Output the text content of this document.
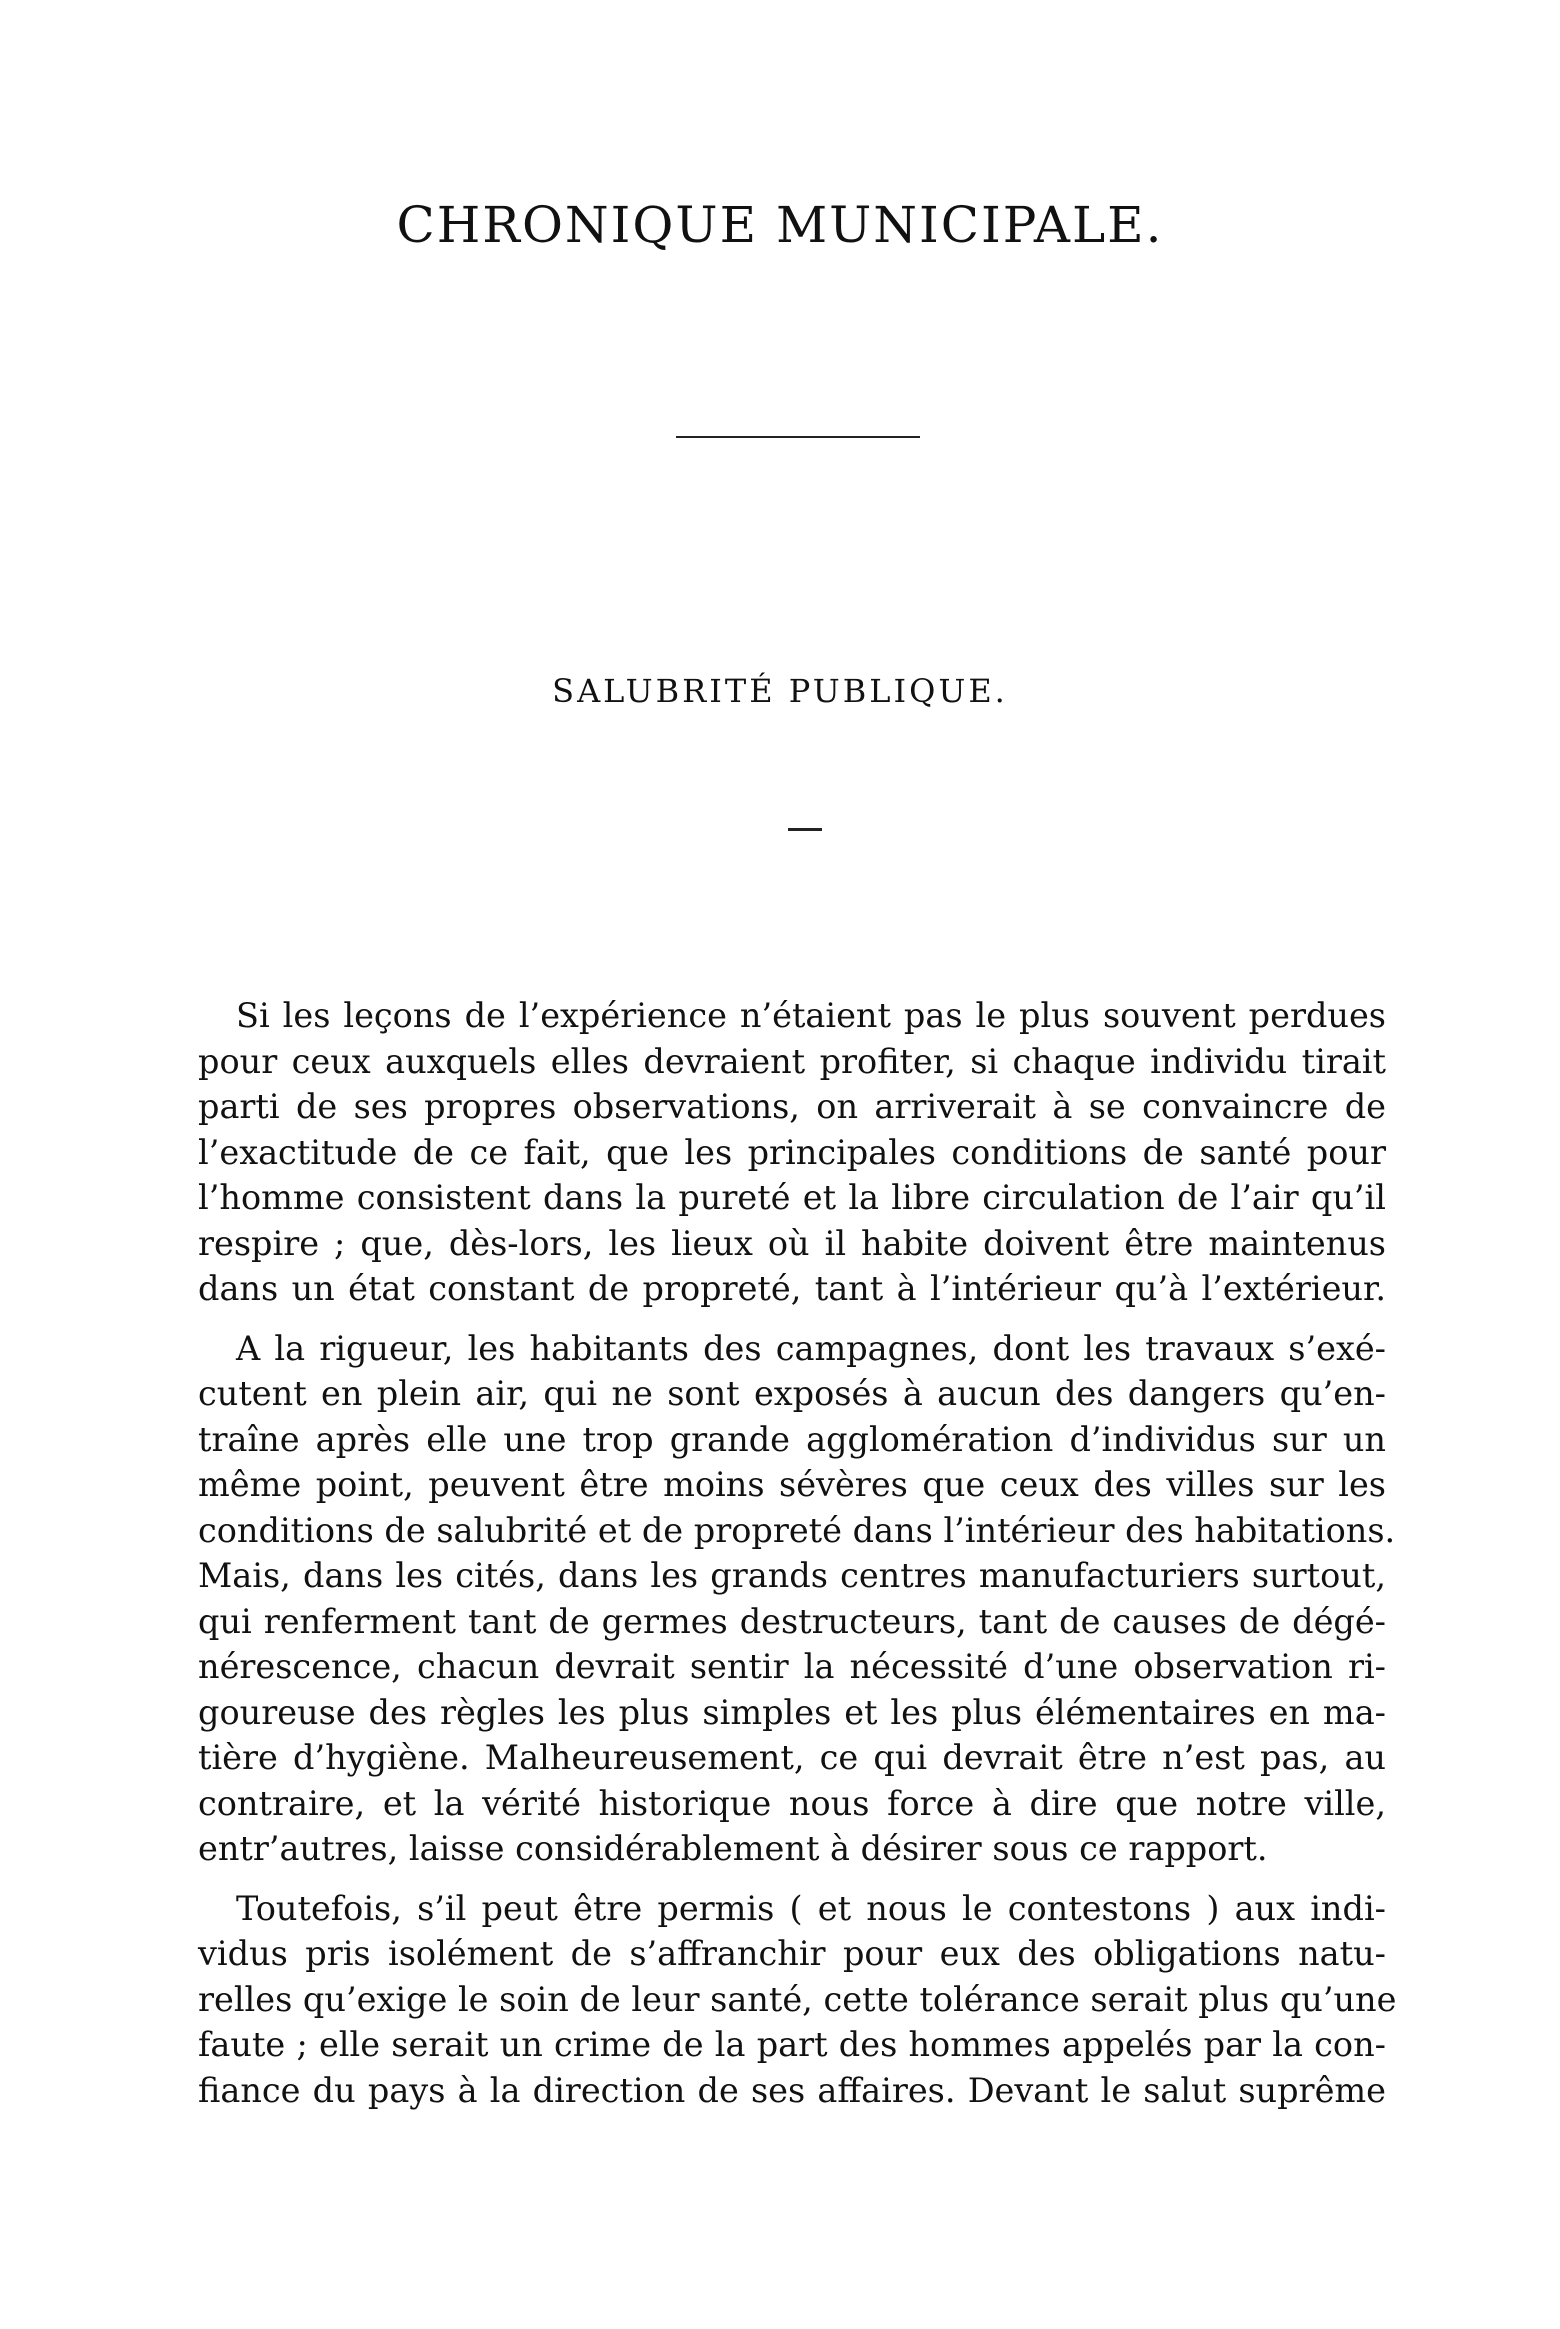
CHRONIQUE MUNICIPALE.
SALUBRITÉ PUBLIQUE.

Si les leçons de l’expérience n’étaient pas le plus souvent perdues
pour ceux auxquels elles devraient profiter, si chaque individu tirait
parti de ses propres observations, on arriverait à se convaincre de
l’exactitude de ce fait, que les principales conditions de santé pour
l’homme consistent dans la pureté et la libre circulation de l’air qu’il
respire ; que, dès-lors, les lieux où il habite doivent être maintenus
dans un état constant de propreté, tant à l’intérieur qu’à l’extérieur.

A la rigueur, les habitants des campagnes, dont les travaux s’exé-
cutent en plein air, qui ne sont exposés à aucun des dangers qu’en-
traîne après elle une trop grande agglomération d’individus sur un
même point, peuvent être moins sévères que ceux des villes sur les
conditions de salubrité et de propreté dans l’intérieur des habitations.
Mais, dans les cités, dans les grands centres manufacturiers surtout,
qui renferment tant de germes destructeurs, tant de causes de dégé-
nérescence, chacun devrait sentir la nécessité d’une observation ri-
goureuse des règles les plus simples et les plus élémentaires en ma-
tière d’hygiène. Malheureusement, ce qui devrait être n’est pas, au
contraire, et la vérité historique nous force à dire que notre ville,
entr’autres, laisse considérablement à désirer sous ce rapport.

Toutefois, s’il peut être permis ( et nous le contestons ) aux indi-
vidus pris isolément de s’affranchir pour eux des obligations natu-
relles qu’exige le soin de leur santé, cette tolérance serait plus qu’une
faute ; elle serait un crime de la part des hommes appelés par la con-
fiance du pays à la direction de ses affaires. Devant le salut suprême
